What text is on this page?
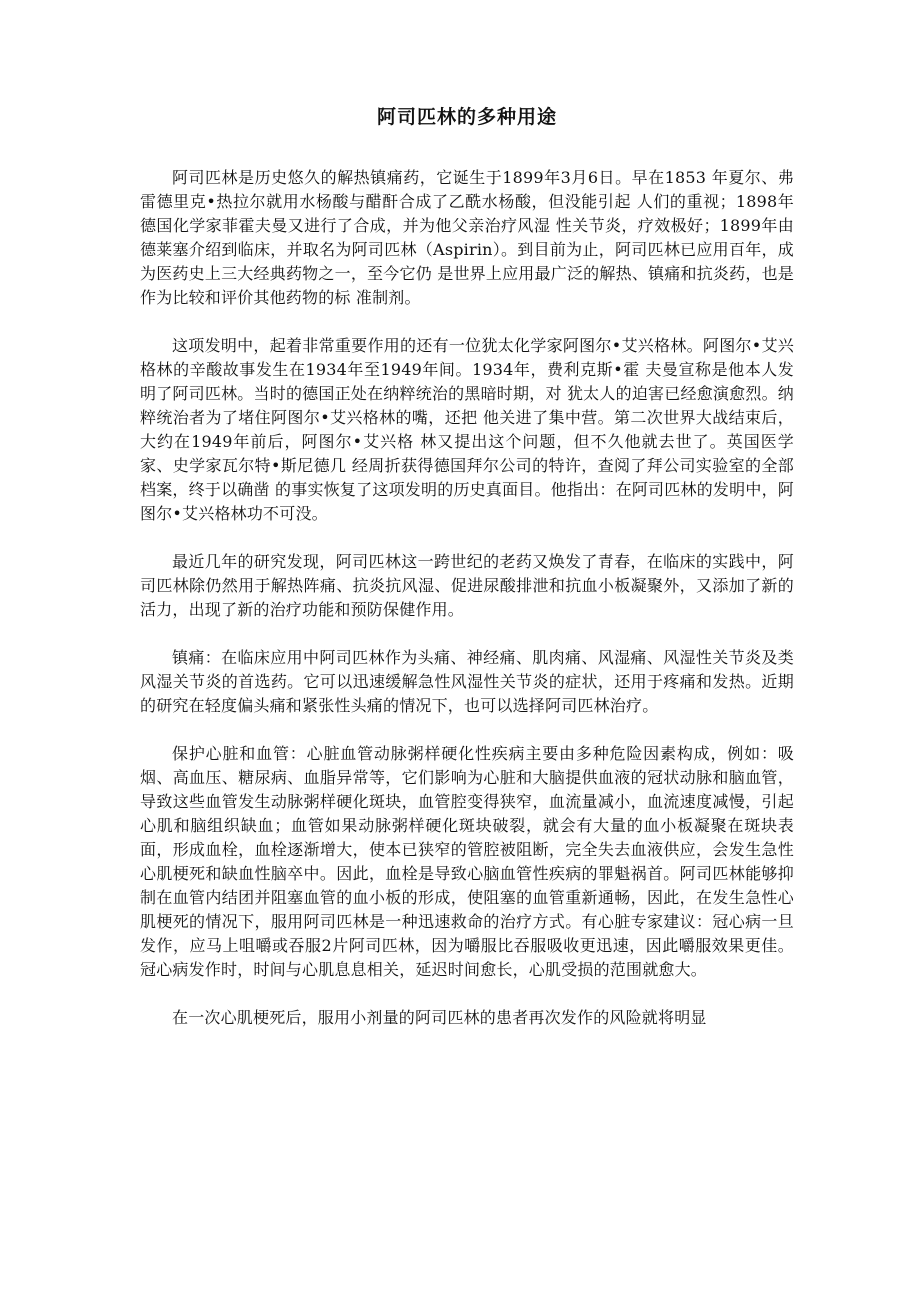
阿司匹林的多种用途

阿司匹林是历史悠久的解热镇痛药，它诞生于1899年3月6日。早在1853 年夏尔、弗雷德里克•热拉尔就用水杨酸与醋酐合成了乙酰水杨酸，但没能引起 人们的重视；1898年德国化学家菲霍夫曼又进行了合成，并为他父亲治疗风湿 性关节炎，疗效极好；1899年由德莱塞介绍到临床，并取名为阿司匹林（Aspirin）。到目前为止，阿司匹林已应用百年，成为医药史上三大经典药物之一，至今它仍 是世界上应用最广泛的解热、镇痛和抗炎药，也是作为比较和评价其他药物的标 准制剂。

这项发明中，起着非常重要作用的还有一位犹太化学家阿图尔•艾兴格林。阿图尔•艾兴格林的辛酸故事发生在1934年至1949年间。1934年，费利克斯•霍 夫曼宣称是他本人发明了阿司匹林。当时的德国正处在纳粹统治的黑暗时期，对 犹太人的迫害已经愈演愈烈。纳粹统治者为了堵住阿图尔•艾兴格林的嘴，还把 他关进了集中营。第二次世界大战结束后，大约在1949年前后，阿图尔•艾兴格 林又提出这个问题，但不久他就去世了。英国医学家、史学家瓦尔特•斯尼德几 经周折获得德国拜尔公司的特许，查阅了拜公司实验室的全部档案，终于以确凿 的事实恢复了这项发明的历史真面目。他指出：在阿司匹林的发明中，阿图尔•艾兴格林功不可没。

最近几年的研究发现，阿司匹林这一跨世纪的老药又焕发了青春，在临床的实践中，阿司匹林除仍然用于解热阵痛、抗炎抗风湿、促进尿酸排泄和抗血小板凝聚外，又添加了新的活力，出现了新的治疗功能和预防保健作用。

镇痛：在临床应用中阿司匹林作为头痛、神经痛、肌肉痛、风湿痛、风湿性关节炎及类风湿关节炎的首选药。它可以迅速缓解急性风湿性关节炎的症状，还用于疼痛和发热。近期的研究在轻度偏头痛和紧张性头痛的情况下，也可以选择阿司匹林治疗。

保护心脏和血管：心脏血管动脉粥样硬化性疾病主要由多种危险因素构成，例如：吸烟、高血压、糖尿病、血脂异常等，它们影响为心脏和大脑提供血液的冠状动脉和脑血管，导致这些血管发生动脉粥样硬化斑块，血管腔变得狭窄，血流量减小，血流速度减慢，引起心肌和脑组织缺血；血管如果动脉粥样硬化斑块破裂，就会有大量的血小板凝聚在斑块表面，形成血栓，血栓逐渐增大，使本已狭窄的管腔被阻断，完全失去血液供应，会发生急性心肌梗死和缺血性脑卒中。因此，血栓是导致心脑血管性疾病的罪魁祸首。阿司匹林能够抑制在血管内结团并阻塞血管的血小板的形成，使阻塞的血管重新通畅，因此，在发生急性心肌梗死的情况下，服用阿司匹林是一种迅速救命的治疗方式。有心脏专家建议：冠心病一旦发作，应马上咀嚼或吞服2片阿司匹林，因为嚼服比吞服吸收更迅速，因此嚼服效果更佳。冠心病发作时，时间与心肌息息相关，延迟时间愈长，心肌受损的范围就愈大。

在一次心肌梗死后，服用小剂量的阿司匹林的患者再次发作的风险就将明显
